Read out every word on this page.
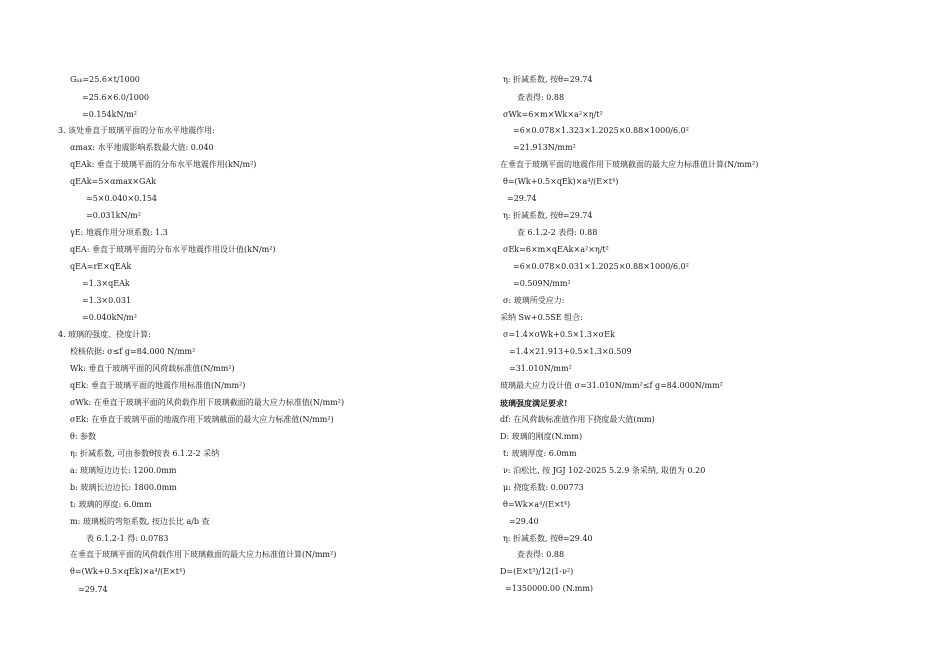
Gₐₖ=25.6×t/1000
=25.6×6.0/1000
=0.154kN/m²
3. 该处垂直于玻璃平面的分布水平地震作用:
αmax: 水平地震影响系数最大值: 0.040
qEAk: 垂直于玻璃平面的分布水平地震作用(kN/m²)
qEAk=5×αmax×GAk
=5×0.040×0.154
=0.031kN/m²
γE: 地震作用分项系数: 1.3
qEA: 垂直于玻璃平面的分布水平地震作用设计值(kN/m²)
qEA=rE×qEAk
=1.3×qEAk
=1.3×0.031
=0.040kN/m²
4. 玻璃的强度、挠度计算:
校核依据: σ≤f g=84.000 N/mm²
Wk: 垂直于玻璃平面的风荷载标准值(N/mm²)
qEk: 垂直于玻璃平面的地震作用标准值(N/mm²)
σWk: 在垂直于玻璃平面的风荷载作用下玻璃截面的最大应力标准值(N/mm²)
σEk: 在垂直于玻璃平面的地震作用下玻璃截面的最大应力标准值(N/mm²)
θ: 参数
η: 折减系数, 可由参数θ按表 6.1.2-2 采纳
a: 玻璃短边边长: 1200.0mm
b: 玻璃长边边长: 1800.0mm
t: 玻璃的厚度: 6.0mm
m: 玻璃板的弯矩系数, 按边长比 a/b 查
表 6.1.2-1 得: 0.0783
在垂直于玻璃平面的风荷载作用下玻璃截面的最大应力标准值计算(N/mm²)
θ=(Wk+0.5×qEk)×a⁴/(E×t⁴)
=29.74
η: 折减系数, 按θ=29.74
查表得: 0.88
σWk=6×m×Wk×a²×η/t²
=6×0.078×1.323×1.2025×0.88×1000/6.0²
=21.913N/mm²
在垂直于玻璃平面的地震作用下玻璃截面的最大应力标准值计算(N/mm²)
θ=(Wk+0.5×qEk)×a⁴/(E×t⁴)
=29.74
η: 折减系数, 按θ=29.74
查 6.1.2-2 表得: 0.88
σEk=6×m×qEAk×a²×η/t²
=6×0.078×0.031×1.2025×0.88×1000/6.0²
=0.509N/mm²
σ: 玻璃所受应力:
采纳 Sw+0.5SE 组合:
σ=1.4×σWk+0.5×1.3×σEk
=1.4×21.913+0.5×1.3×0.509
=31.010N/mm²
玻璃最大应力设计值 σ=31.010N/mm²≤f g=84.000N/mm²
玻璃强度满足要求!
df: 在风荷载标准值作用下挠度最大值(mm)
D: 玻璃的刚度(N.mm)
t: 玻璃厚度: 6.0mm
ν: 泊松比, 按 JGJ 102-2025 5.2.9 条采纳, 取值为 0.20
μ: 挠度系数: 0.00773
θ=Wk×a⁴/(E×t⁴)
=29.40
η: 折减系数, 按θ=29.40
查表得: 0.88
D=(E×t³)/12(1-ν²)
=1350000.00 (N.mm)
